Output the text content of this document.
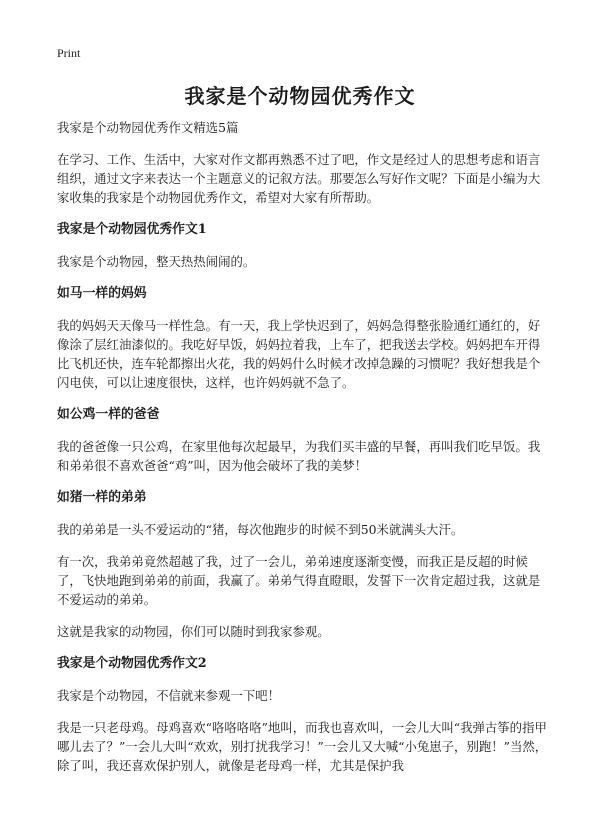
Print
我家是个动物园优秀作文

我家是个动物园优秀作文精选5篇

在学习、工作、生活中，大家对作文都再熟悉不过了吧，作文是经过人的思想考虑和语言组织，通过文字来表达一个主题意义的记叙方法。那要怎么写好作文呢？下面是小编为大家收集的我家是个动物园优秀作文，希望对大家有所帮助。

我家是个动物园优秀作文1

我家是个动物园，整天热热闹闹的。

如马一样的妈妈

我的妈妈天天像马一样性急。有一天，我上学快迟到了，妈妈急得整张脸通红通红的，好像涂了层红油漆似的。我吃好早饭，妈妈拉着我，上车了，把我送去学校。妈妈把车开得比飞机还快，连车轮都擦出火花，我的妈妈什么时候才改掉急躁的习惯呢？我好想我是个闪电侠，可以让速度很快，这样，也许妈妈就不急了。

如公鸡一样的爸爸

我的爸爸像一只公鸡，在家里他每次起最早，为我们买丰盛的早餐，再叫我们吃早饭。我和弟弟很不喜欢爸爸“鸡”叫，因为他会破坏了我的美梦！

如猪一样的弟弟

我的弟弟是一头不爱运动的“猪，每次他跑步的时候不到50米就满头大汗。

有一次，我弟弟竟然超越了我，过了一会儿，弟弟速度逐渐变慢，而我正是反超的时候了，飞快地跑到弟弟的前面，我赢了。弟弟气得直瞪眼，发誓下一次肯定超过我，这就是不爱运动的弟弟。

这就是我家的动物园，你们可以随时到我家参观。

我家是个动物园优秀作文2

我家是个动物园，不信就来参观一下吧！

我是一只老母鸡。母鸡喜欢“咯咯咯咯”地叫，而我也喜欢叫，一会儿大叫“我弹古筝的指甲哪儿去了？”一会儿大叫“欢欢，别打扰我学习！”一会儿又大喊“小兔崽子，别跑！”当然，除了叫，我还喜欢保护别人，就像是老母鸡一样，尤其是保护我
